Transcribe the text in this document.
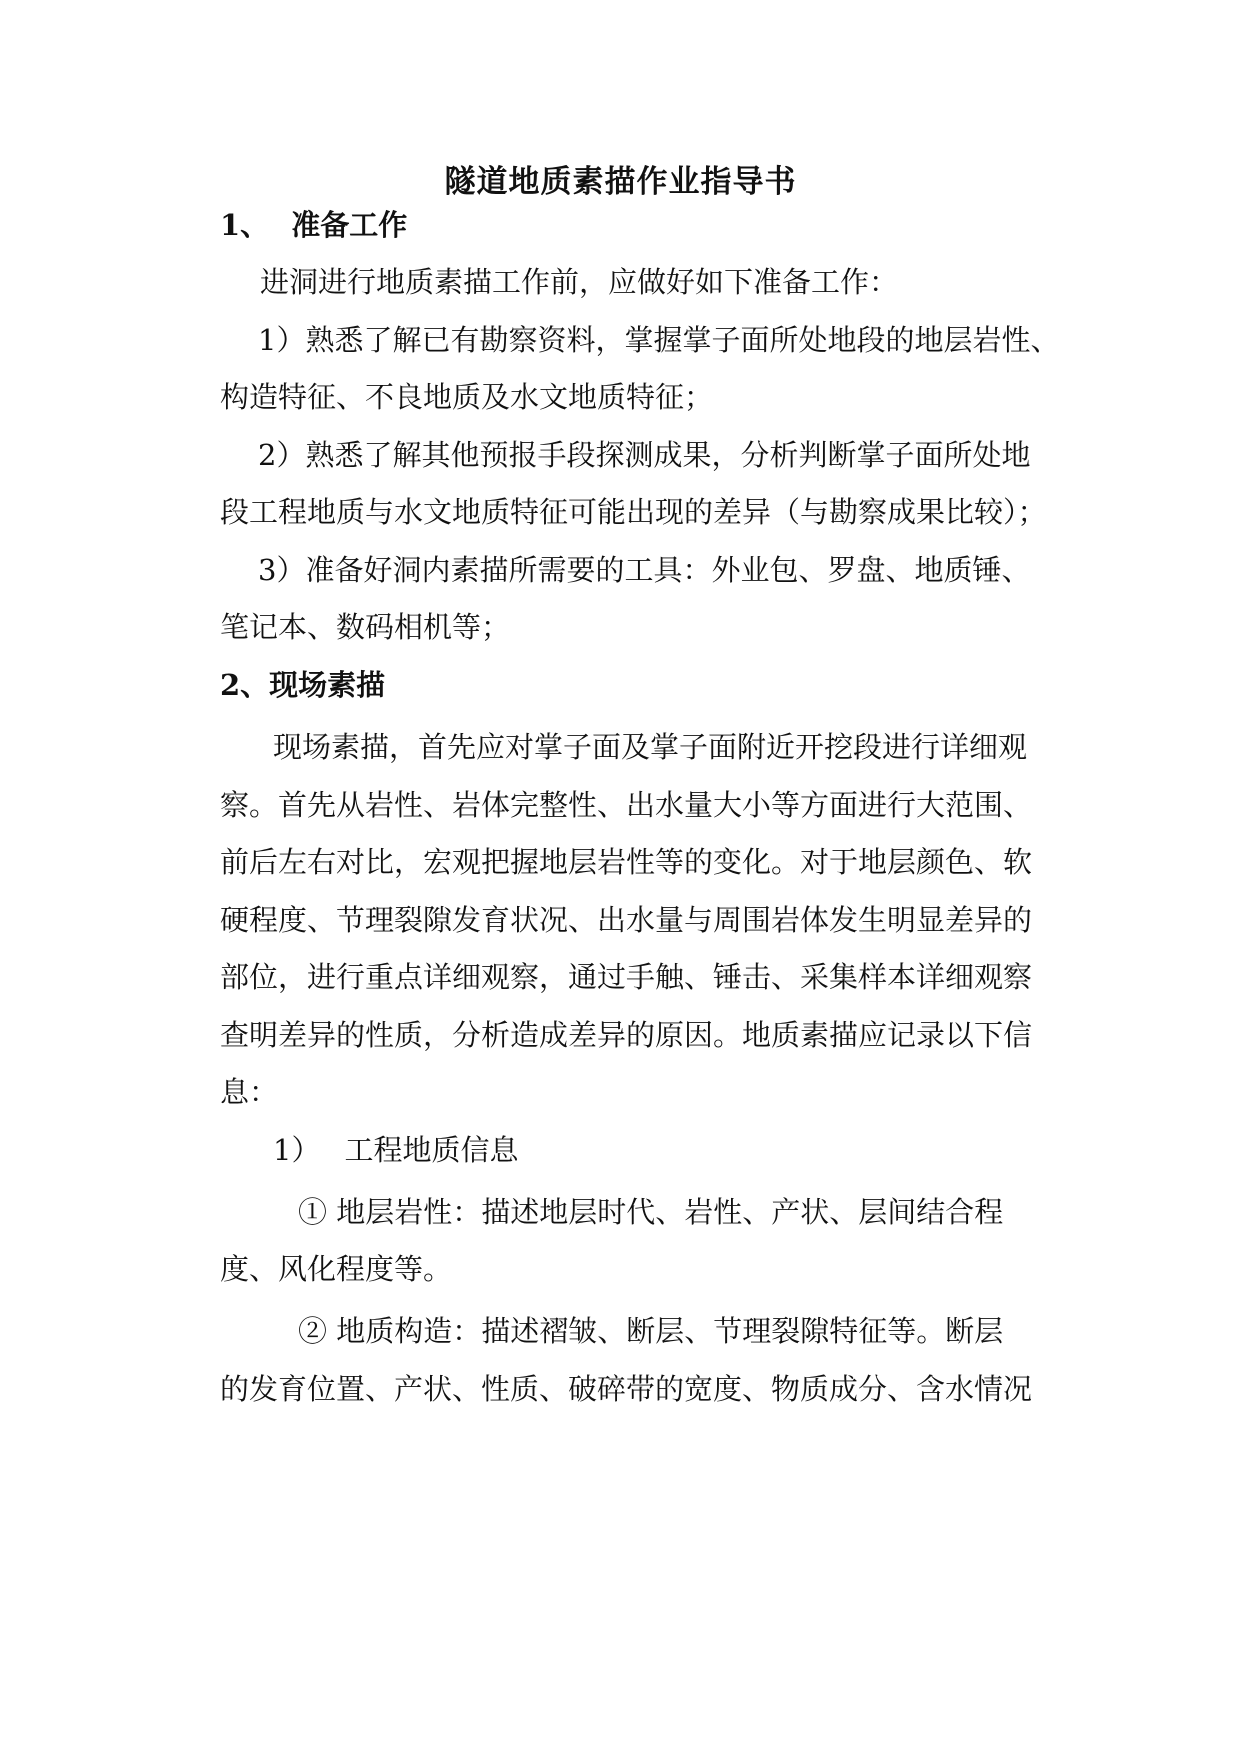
隧道地质素描作业指导书
1、 准备工作
进洞进行地质素描工作前，应做好如下准备工作：
1）熟悉了解已有勘察资料，掌握掌子面所处地段的地层岩性、
构造特征、不良地质及水文地质特征；
2）熟悉了解其他预报手段探测成果，分析判断掌子面所处地
段工程地质与水文地质特征可能出现的差异（与勘察成果比较）；
3）准备好洞内素描所需要的工具：外业包、罗盘、地质锤、
笔记本、数码相机等；
2、现场素描
现场素描，首先应对掌子面及掌子面附近开挖段进行详细观
察。首先从岩性、岩体完整性、出水量大小等方面进行大范围、
前后左右对比，宏观把握地层岩性等的变化。对于地层颜色、软
硬程度、节理裂隙发育状况、出水量与周围岩体发生明显差异的
部位，进行重点详细观察，通过手触、锤击、采集样本详细观察
查明差异的性质，分析造成差异的原因。地质素描应记录以下信
息：
1） 工程地质信息
① 地层岩性：描述地层时代、岩性、产状、层间结合程
度、风化程度等。
② 地质构造：描述褶皱、断层、节理裂隙特征等。断层
的发育位置、产状、性质、破碎带的宽度、物质成分、含水情况
